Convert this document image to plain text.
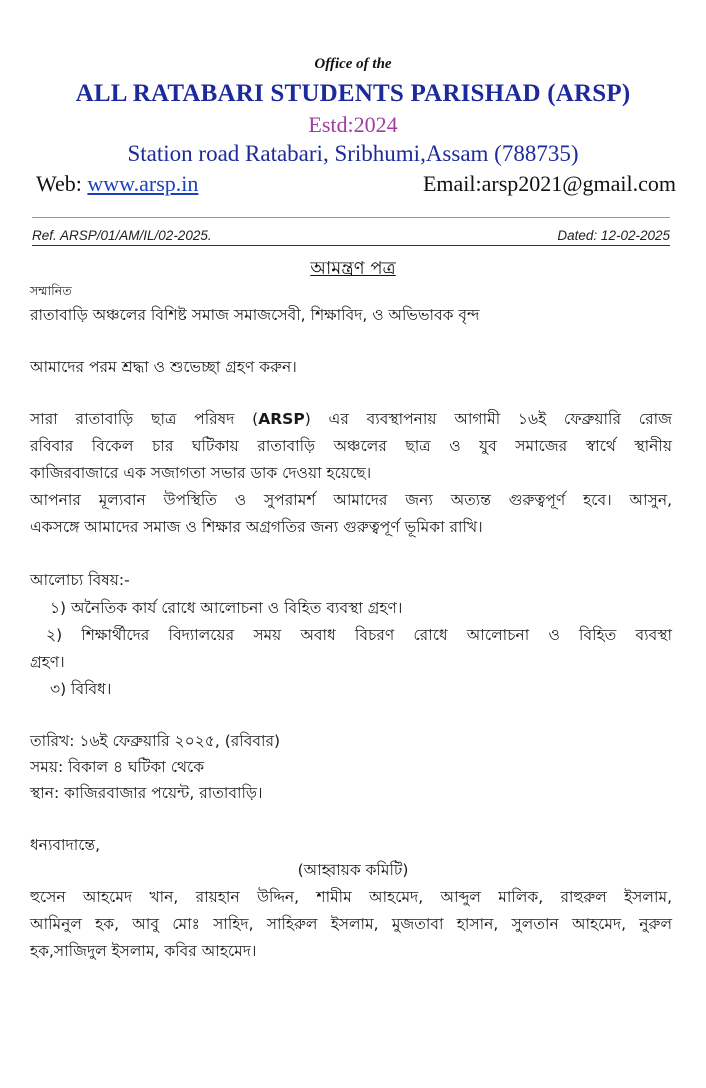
Office of the
ALL RATABARI STUDENTS PARISHAD (ARSP)
Estd:2024
Station road Ratabari, Sribhumi,Assam (788735)
Web: www.arsp.in	Email:arsp2021@gmail.com
Ref. ARSP/01/AM/IL/02-2025.	Dated: 12-02-2025
আমন্ত্রণ পত্র
সম্মানিত
রাতাবাড়ি অঞ্চলের বিশিষ্ট সমাজ সমাজসেবী, শিক্ষাবিদ, ও অভিভাবক বৃন্দ
আমাদের পরম শ্রদ্ধা ও শুভেচ্ছা গ্রহণ করুন।
সারা রাতাবাড়ি ছাত্র পরিষদ (ARSP) এর ব্যবস্থাপনায় আগামী ১৬ই ফেব্রুয়ারি রোজ
রবিবার বিকেল চার ঘটিকায় রাতাবাড়ি অঞ্চলের ছাত্র ও যুব সমাজের স্বার্থে স্থানীয়
কাজিরবাজারে এক সজাগতা সভার ডাক দেওয়া হয়েছে।
আপনার মূল্যবান উপস্থিতি ও সুপরামর্শ আমাদের জন্য অত্যন্ত গুরুত্বপূর্ণ হবে। আসুন,
একসঙ্গে আমাদের সমাজ ও শিক্ষার অগ্রগতির জন্য গুরুত্বপূর্ণ ভূমিকা রাখি।
আলোচ্য বিষয়:-
১) অনৈতিক কার্য রোধে আলোচনা ও বিহিত ব্যবস্থা গ্রহণ।
২) শিক্ষার্থীদের বিদ্যালয়ের সময় অবাধ বিচরণ রোধে আলোচনা ও বিহিত ব্যবস্থা
গ্রহণ।
৩) বিবিধ।
তারিখ: ১৬ই ফেব্রুয়ারি ২০২৫, (রবিবার)
সময়: বিকাল ৪ ঘটিকা থেকে
স্থান: কাজিরবাজার পয়েন্ট, রাতাবাড়ি।
ধন্যবাদান্তে,
(আহ্বায়ক কমিটি)
হুসেন আহমেদ খান, রায়হান উদ্দিন, শামীম আহমেদ, আব্দুল মালিক, রাহুরুল ইসলাম,
আমিনুল হক, আবু মোঃ সাহিদ, সাহিরুল ইসলাম, মুজতাবা হাসান, সুলতান আহমেদ, নুরুল
হক,সাজিদুল ইসলাম, কবির আহমেদ।
